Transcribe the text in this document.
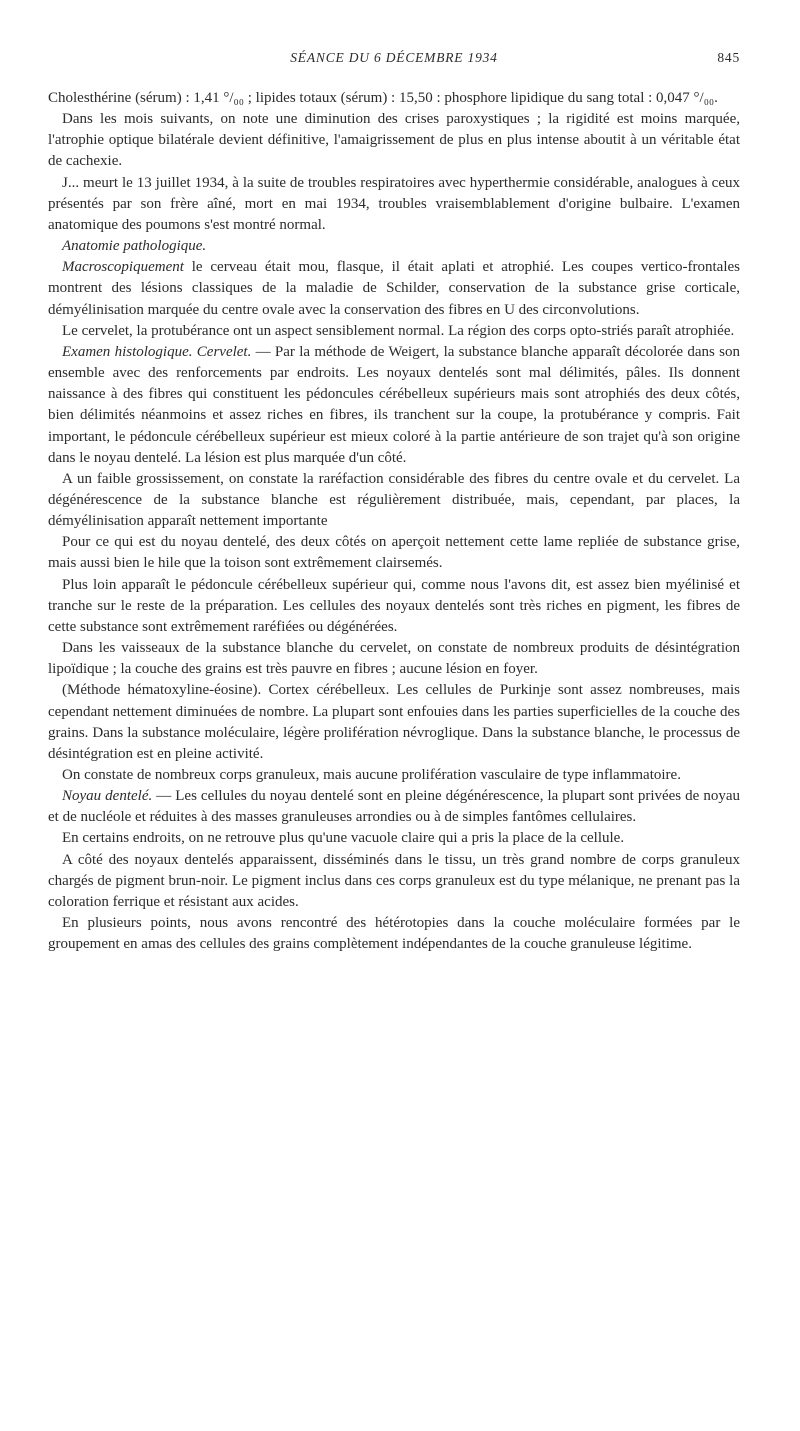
SÉANCE DU 6 DÉCEMBRE 1934	845

Cholesthérine (sérum) : 1,41 °/₀₀ ; lipides totaux (sérum) : 15,50 : phosphore lipidique du sang total : 0,047 °/₀₀.

Dans les mois suivants, on note une diminution des crises paroxystiques ; la rigidité est moins marquée, l'atrophie optique bilatérale devient définitive, l'amaigrissement de plus en plus intense aboutit à un véritable état de cachexie.

J... meurt le 13 juillet 1934, à la suite de troubles respiratoires avec hyperthermie considérable, analogues à ceux présentés par son frère aîné, mort en mai 1934, troubles vraisemblablement d'origine bulbaire. L'examen anatomique des poumons s'est montré normal.

Anatomie pathologique.

Macroscopiquement le cerveau était mou, flasque, il était aplati et atrophié. Les coupes vertico-frontales montrent des lésions classiques de la maladie de Schilder, conservation de la substance grise corticale, démyélinisation marquée du centre ovale avec la conservation des fibres en U des circonvolutions.

Le cervelet, la protubérance ont un aspect sensiblement normal. La région des corps opto-striés paraît atrophiée.

Examen histologique. Cervelet. — Par la méthode de Weigert, la substance blanche apparaît décolorée dans son ensemble avec des renforcements par endroits. Les noyaux dentelés sont mal délimités, pâles. Ils donnent naissance à des fibres qui constituent les pédoncules cérébelleux supérieurs mais sont atrophiés des deux côtés, bien délimités néanmoins et assez riches en fibres, ils tranchent sur la coupe, la protubérance y compris. Fait important, le pédoncule cérébelleux supérieur est mieux coloré à la partie antérieure de son trajet qu'à son origine dans le noyau dentelé. La lésion est plus marquée d'un côté.

A un faible grossissement, on constate la raréfaction considérable des fibres du centre ovale et du cervelet. La dégénérescence de la substance blanche est régulièrement distribuée, mais, cependant, par places, la démyélinisation apparaît nettement importante

Pour ce qui est du noyau dentelé, des deux côtés on aperçoit nettement cette lame repliée de substance grise, mais aussi bien le hile que la toison sont extrêmement clairsemés.

Plus loin apparaît le pédoncule cérébelleux supérieur qui, comme nous l'avons dit, est assez bien myélinisé et tranche sur le reste de la préparation. Les cellules des noyaux dentelés sont très riches en pigment, les fibres de cette substance sont extrêmement raréfiées ou dégénérées.

Dans les vaisseaux de la substance blanche du cervelet, on constate de nombreux produits de désintégration lipoïdique ; la couche des grains est très pauvre en fibres ; aucune lésion en foyer.

(Méthode hématoxyline-éosine). Cortex cérébelleux. Les cellules de Purkinje sont assez nombreuses, mais cependant nettement diminuées de nombre. La plupart sont enfouies dans les parties superficielles de la couche des grains. Dans la substance moléculaire, légère prolifération névroglique. Dans la substance blanche, le processus de désintégration est en pleine activité.

On constate de nombreux corps granuleux, mais aucune prolifération vasculaire de type inflammatoire.

Noyau dentelé. — Les cellules du noyau dentelé sont en pleine dégénérescence, la plupart sont privées de noyau et de nucléole et réduites à des masses granuleuses arrondies ou à de simples fantômes cellulaires.

En certains endroits, on ne retrouve plus qu'une vacuole claire qui a pris la place de la cellule.

A côté des noyaux dentelés apparaissent, disséminés dans le tissu, un très grand nombre de corps granuleux chargés de pigment brun-noir. Le pigment inclus dans ces corps granuleux est du type mélanique, ne prenant pas la coloration ferrique et résistant aux acides.

En plusieurs points, nous avons rencontré des hétérotopies dans la couche moléculaire formées par le groupement en amas des cellules des grains complètement indépendantes de la couche granuleuse légitime.
